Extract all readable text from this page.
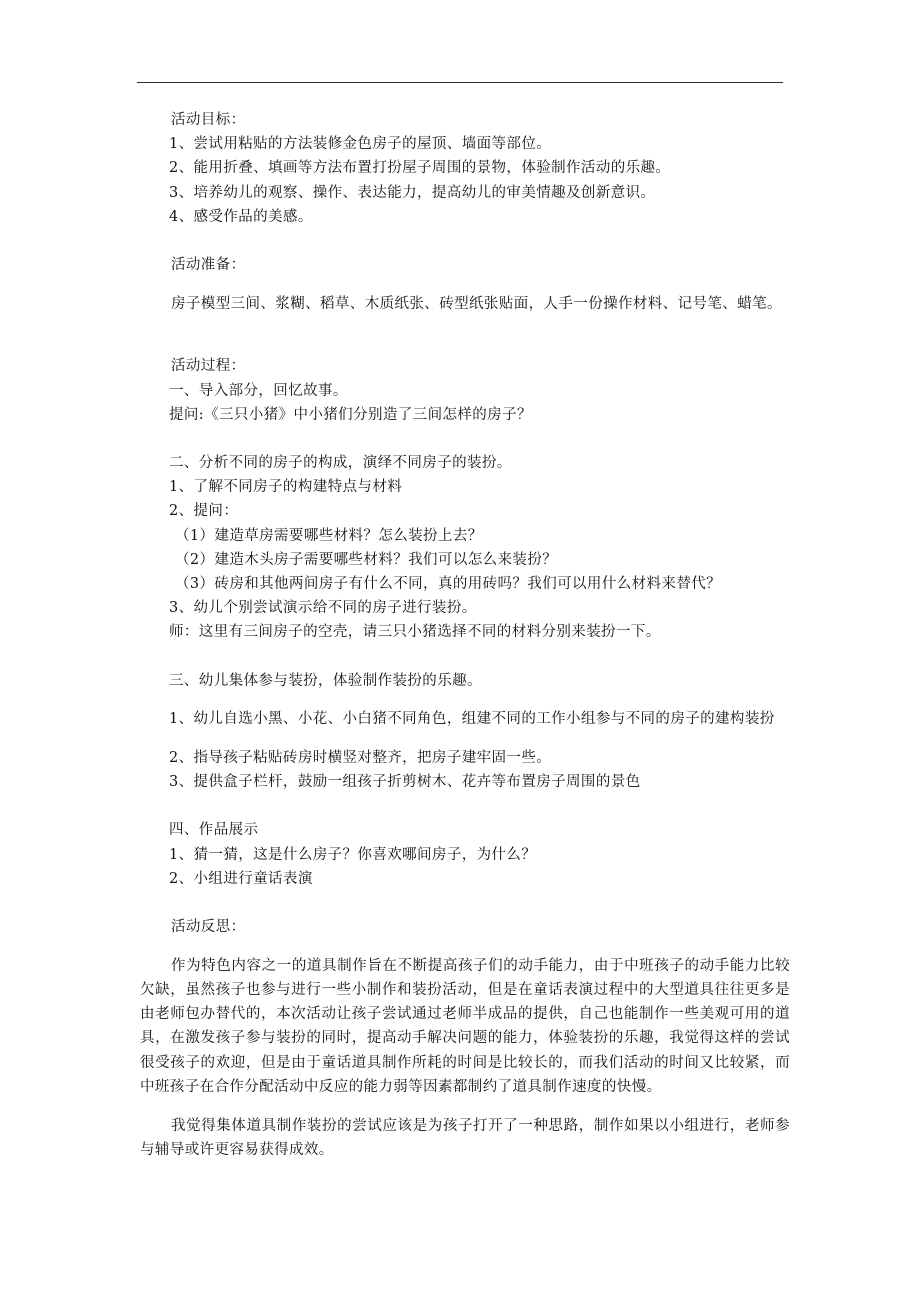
活动目标：

1、尝试用粘贴的方法装修金色房子的屋顶、墙面等部位。

2、能用折叠、填画等方法布置打扮屋子周围的景物，体验制作活动的乐趣。

3、培养幼儿的观察、操作、表达能力，提高幼儿的审美情趣及创新意识。

4、感受作品的美感。

活动准备：

房子模型三间、浆糊、稻草、木质纸张、砖型纸张贴面，人手一份操作材料、记号笔、蜡笔。

活动过程：

一、导入部分，回忆故事。

提问:《三只小猪》中小猪们分别造了三间怎样的房子？

二、分析不同的房子的构成，演绎不同房子的装扮。

1、了解不同房子的构建特点与材料

2、提问：

（1）建造草房需要哪些材料？怎么装扮上去？

（2）建造木头房子需要哪些材料？我们可以怎么来装扮？

（3）砖房和其他两间房子有什么不同，真的用砖吗？我们可以用什么材料来替代？

3、幼儿个别尝试演示给不同的房子进行装扮。

师：这里有三间房子的空壳，请三只小猪选择不同的材料分别来装扮一下。

三、幼儿集体参与装扮，体验制作装扮的乐趣。

1、幼儿自选小黑、小花、小白猪不同角色，组建不同的工作小组参与不同的房子的建构装扮

2、指导孩子粘贴砖房时横竖对整齐，把房子建牢固一些。

3、提供盒子栏杆，鼓励一组孩子折剪树木、花卉等布置房子周围的景色

四、作品展示

1、猜一猜，这是什么房子？你喜欢哪间房子，为什么？

2、小组进行童话表演

活动反思：

作为特色内容之一的道具制作旨在不断提高孩子们的动手能力，由于中班孩子的动手能力比较欠缺，虽然孩子也参与进行一些小制作和装扮活动，但是在童话表演过程中的大型道具往往更多是由老师包办替代的，本次活动让孩子尝试通过老师半成品的提供，自己也能制作一些美观可用的道具，在激发孩子参与装扮的同时，提高动手解决问题的能力，体验装扮的乐趣，我觉得这样的尝试很受孩子的欢迎，但是由于童话道具制作所耗的时间是比较长的，而我们活动的时间又比较紧，而中班孩子在合作分配活动中反应的能力弱等因素都制约了道具制作速度的快慢。

我觉得集体道具制作装扮的尝试应该是为孩子打开了一种思路，制作如果以小组进行，老师参与辅导或许更容易获得成效。
